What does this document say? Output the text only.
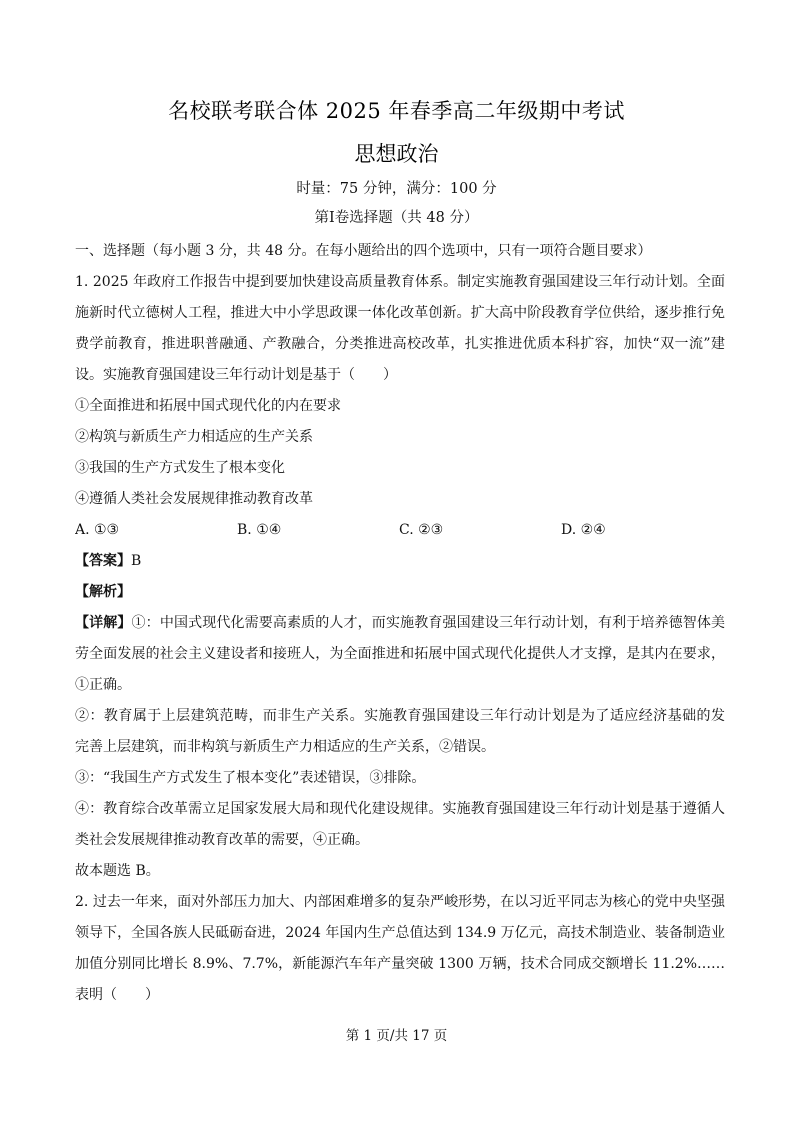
名校联考联合体 2025 年春季高二年级期中考试
思想政治
时量：75 分钟，满分：100 分
第Ⅰ卷选择题（共 48 分）
一、选择题（每小题 3 分，共 48 分。在每小题给出的四个选项中，只有一项符合题目要求）
1. 2025 年政府工作报告中提到要加快建设高质量教育体系。制定实施教育强国建设三年行动计划。全面
施新时代立德树人工程，推进大中小学思政课一体化改革创新。扩大高中阶段教育学位供给，逐步推行免
费学前教育，推进职普融通、产教融合，分类推进高校改革，扎实推进优质本科扩容，加快“双一流”建
设。实施教育强国建设三年行动计划是基于（　　）
①全面推进和拓展中国式现代化的内在要求
②构筑与新质生产力相适应的生产关系
③我国的生产方式发生了根本变化
④遵循人类社会发展规律推动教育改革
A. ①③	B. ①④	C. ②③	D. ②④
【答案】B
【解析】
【详解】①：中国式现代化需要高素质的人才，而实施教育强国建设三年行动计划，有利于培养德智体美
劳全面发展的社会主义建设者和接班人，为全面推进和拓展中国式现代化提供人才支撑，是其内在要求，
①正确。
②：教育属于上层建筑范畴，而非生产关系。实施教育强国建设三年行动计划是为了适应经济基础的发
完善上层建筑，而非构筑与新质生产力相适应的生产关系，②错误。
③：“我国生产方式发生了根本变化”表述错误，③排除。
④：教育综合改革需立足国家发展大局和现代化建设规律。实施教育强国建设三年行动计划是基于遵循人
类社会发展规律推动教育改革的需要，④正确。
故本题选 B。
2. 过去一年来，面对外部压力加大、内部困难增多的复杂严峻形势，在以习近平同志为核心的党中央坚强
领导下，全国各族人民砥砺奋进，2024 年国内生产总值达到 134.9 万亿元，高技术制造业、装备制造业
加值分别同比增长 8.9%、7.7%，新能源汽车年产量突破 1300 万辆，技术合同成交额增长 11.2%……
表明（　　）
第 1 页/共 17 页
